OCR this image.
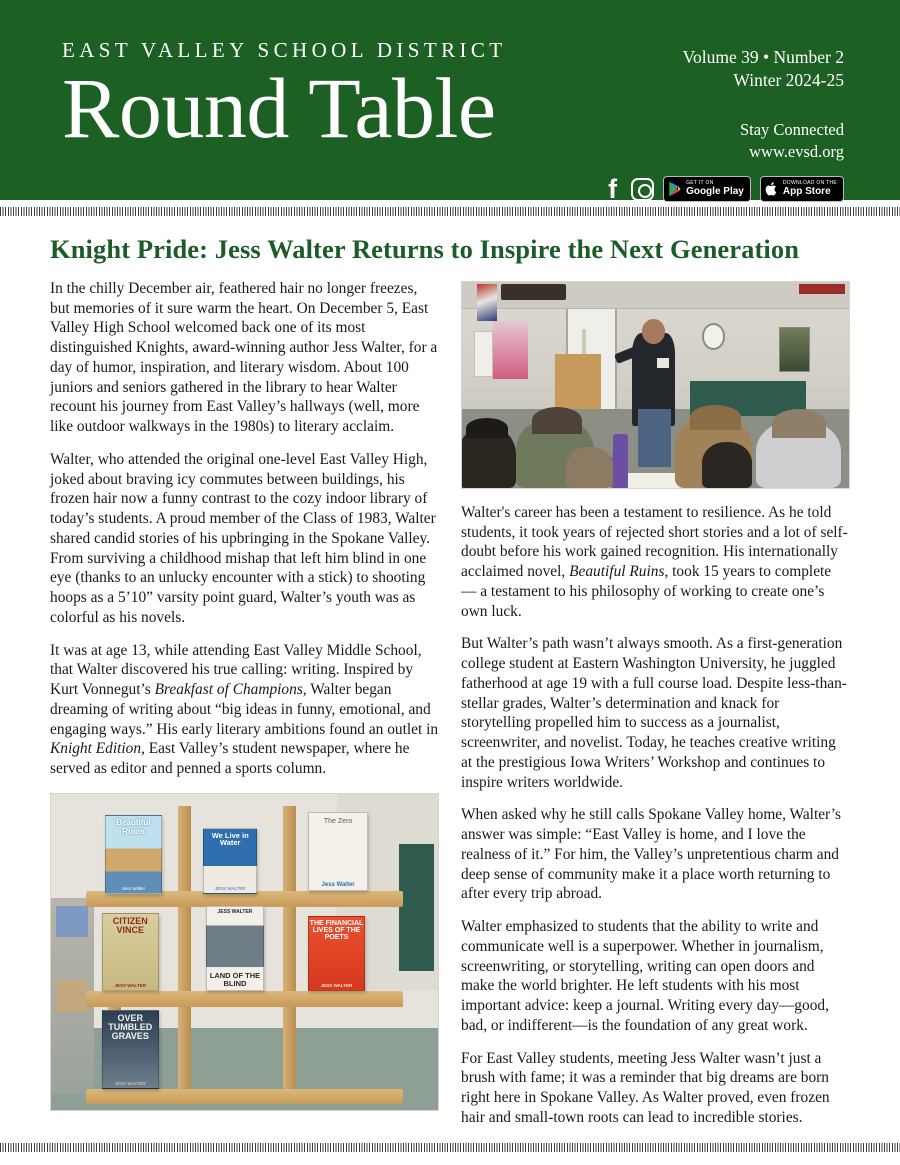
EAST VALLEY SCHOOL DISTRICT
Round Table
Volume 39 • Number 2
Winter 2024-25
Stay Connected
www.evsd.org
f	GET IT ON
Google Play
DOWNLOAD ON THE
App Store
Knight Pride: Jess Walter Returns to Inspire the Next Generation

In the chilly December air, feathered hair no longer freezes, but memories of it sure warm the heart. On December 5, East Valley High School welcomed back one of its most distinguished Knights, award-winning author Jess Walter, for a day of humor, inspiration, and literary wisdom. About 100 juniors and seniors gathered in the library to hear Walter recount his journey from East Valley’s hallways (well, more like outdoor walkways in the 1980s) to literary acclaim.

Walter, who attended the original one-level East Valley High, joked about braving icy commutes between buildings, his frozen hair now a funny contrast to the cozy indoor library of today’s students. A proud member of the Class of 1983, Walter shared candid stories of his upbringing in the Spokane Valley. From surviving a childhood mishap that left him blind in one eye (thanks to an unlucky encounter with a stick) to shooting hoops as a 5’10” varsity point guard, Walter’s youth was as colorful as his novels.

It was at age 13, while attending East Valley Middle School, that Walter discovered his true calling: writing. Inspired by Kurt Vonnegut’s Breakfast of Champions, Walter began dreaming of writing about “big ideas in funny, emotional, and engaging ways.” His early literary ambitions found an outlet in Knight Edition, East Valley’s student newspaper, where he served as editor and penned a sports column.

Beautiful Ruins
Jess Walter
We Live in Water
JESS WALTER
The Zero
Jess Walter
CITIZEN VINCE
JESS WALTER
JESS WALTER
LAND OF THE BLIND
THE FINANCIAL LIVES OF THE POETS
JESS WALTER
OVER TUMBLED GRAVES
JESS WALTER

Walter's career has been a testament to resilience. As he told students, it took years of rejected short stories and a lot of self-doubt before his work gained recognition. His internationally acclaimed novel, Beautiful Ruins, took 15 years to complete — a testament to his philosophy of working to create one’s own luck.

But Walter’s path wasn’t always smooth. As a first-generation college student at Eastern Washington University, he juggled fatherhood at age 19 with a full course load. Despite less-than-stellar grades, Walter’s determination and knack for storytelling propelled him to success as a journalist, screenwriter, and novelist. Today, he teaches creative writing at the prestigious Iowa Writers’ Workshop and continues to inspire writers worldwide.

When asked why he still calls Spokane Valley home, Walter’s answer was simple: “East Valley is home, and I love the realness of it.” For him, the Valley’s unpretentious charm and deep sense of community make it a place worth returning to after every trip abroad.

Walter emphasized to students that the ability to write and communicate well is a superpower. Whether in journalism, screenwriting, or storytelling, writing can open doors and make the world brighter. He left students with his most important advice: keep a journal. Writing every day—good, bad, or indifferent—is the foundation of any great work.

For East Valley students, meeting Jess Walter wasn’t just a brush with fame; it was a reminder that big dreams are born right here in Spokane Valley. As Walter proved, even frozen hair and small-town roots can lead to incredible stories.
